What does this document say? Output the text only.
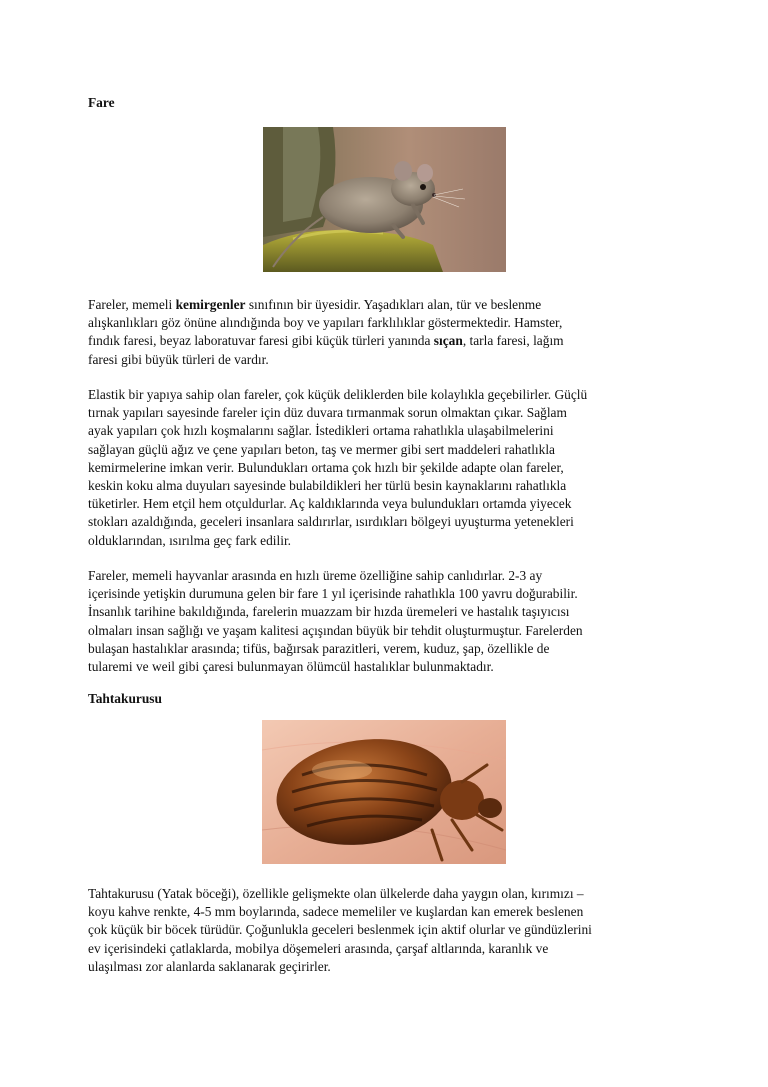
Fare

Fareler, memeli kemirgenler sınıfının bir üyesidir. Yaşadıkları alan, tür ve beslenme
alışkanlıkları göz önüne alındığında boy ve yapıları farklılıklar göstermektedir. Hamster,
fındık faresi, beyaz laboratuvar faresi gibi küçük türleri yanında sıçan, tarla faresi, lağım
faresi gibi büyük türleri de vardır.

Elastik bir yapıya sahip olan fareler, çok küçük deliklerden bile kolaylıkla geçebilirler. Güçlü
tırnak yapıları sayesinde fareler için düz duvara tırmanmak sorun olmaktan çıkar. Sağlam
ayak yapıları çok hızlı koşmalarını sağlar. İstedikleri ortama rahatlıkla ulaşabilmelerini
sağlayan güçlü ağız ve çene yapıları beton, taş ve mermer gibi sert maddeleri rahatlıkla
kemirmelerine imkan verir. Bulundukları ortama çok hızlı bir şekilde adapte olan fareler,
keskin koku alma duyuları sayesinde bulabildikleri her türlü besin kaynaklarını rahatlıkla
tüketirler. Hem etçil hem otçuldurlar. Aç kaldıklarında veya bulundukları ortamda yiyecek
stokları azaldığında, geceleri insanlara saldırırlar, ısırdıkları bölgeyi uyuşturma yetenekleri
olduklarından, ısırılma geç fark edilir.

Fareler, memeli hayvanlar arasında en hızlı üreme özelliğine sahip canlıdırlar. 2-3 ay
içerisinde yetişkin durumuna gelen bir fare 1 yıl içerisinde rahatlıkla 100 yavru doğurabilir.
İnsanlık tarihine bakıldığında, farelerin muazzam bir hızda üremeleri ve hastalık taşıyıcısı
olmaları insan sağlığı ve yaşam kalitesi açışından büyük bir tehdit oluşturmuştur. Farelerden
bulaşan hastalıklar arasında; tifüs, bağırsak parazitleri, verem, kuduz, şap, özellikle de
tularemi ve weil gibi çaresi bulunmayan ölümcül hastalıklar bulunmaktadır.

Tahtakurusu

Tahtakurusu (Yatak böceği), özellikle gelişmekte olan ülkelerde daha yaygın olan, kırımızı –
koyu kahve renkte, 4-5 mm boylarında, sadece memeliler ve kuşlardan kan emerek beslenen
çok küçük bir böcek türüdür. Çoğunlukla geceleri beslenmek için aktif olurlar ve gündüzlerini
ev içerisindeki çatlaklarda, mobilya döşemeleri arasında, çarşaf altlarında, karanlık ve
ulaşılması zor alanlarda saklanarak geçirirler.
